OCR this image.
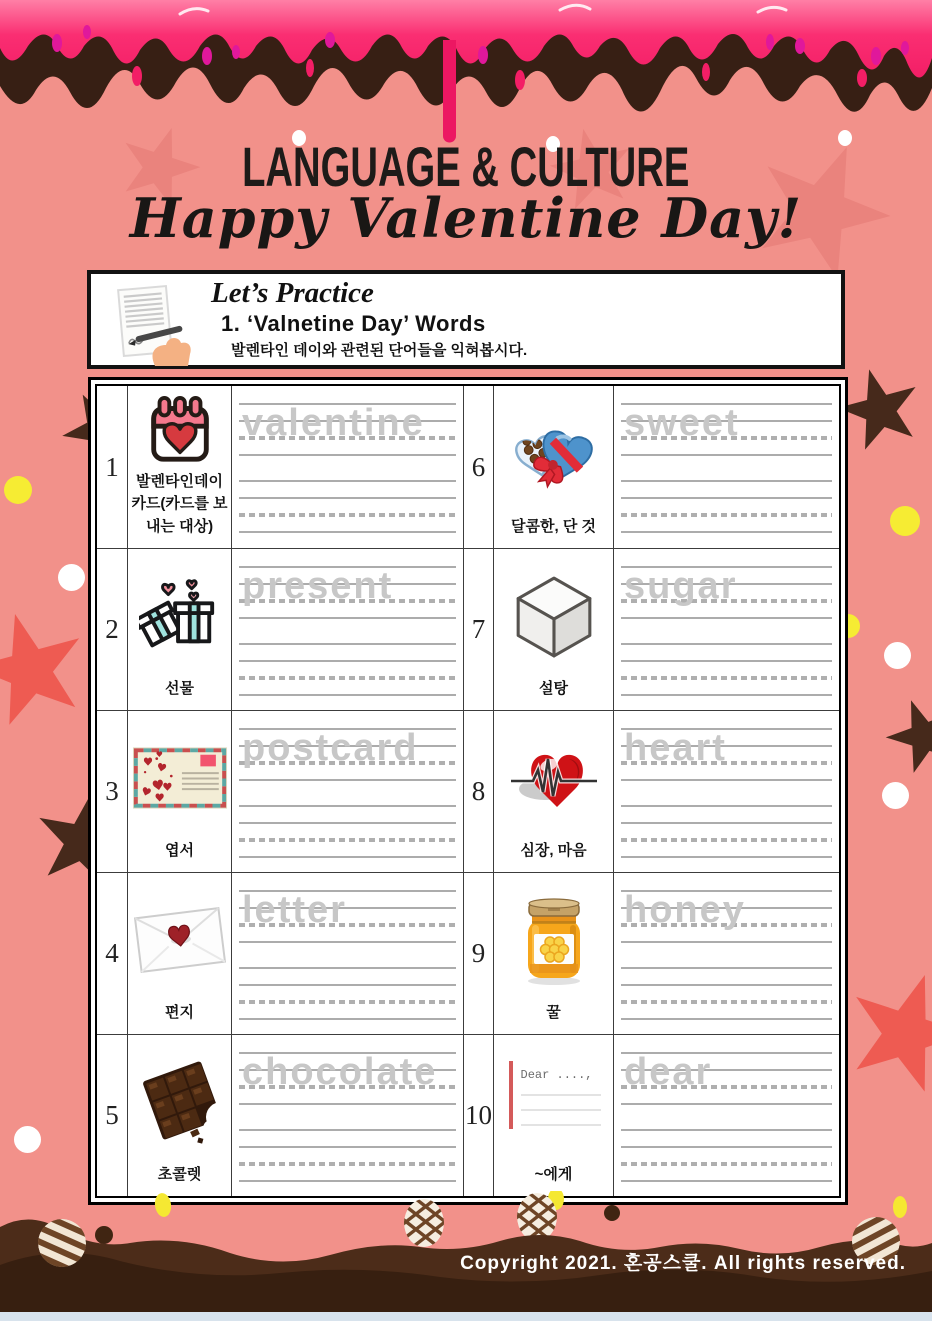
LANGUAGE & CULTURE
Happy Valentine Day!
Let’s Practice
1. ‘Valnetine Day’ Words
발렌타인 데이와 관련된 단어들을 익혀봅시다.
1	발렌타인데이 카드(카드를 보내는 대상)
valentine
6
달콤한, 단 것
sweet
2
선물
present
7
설탕
sugar
3
엽서
postcard
8
심장, 마음
heart
4
편지
letter
9
꿀
honey
5
초콜렛
chocolate
10
Dear ....,
~에게
dear
Copyright 2021. 혼공스쿨. All rights reserved.
